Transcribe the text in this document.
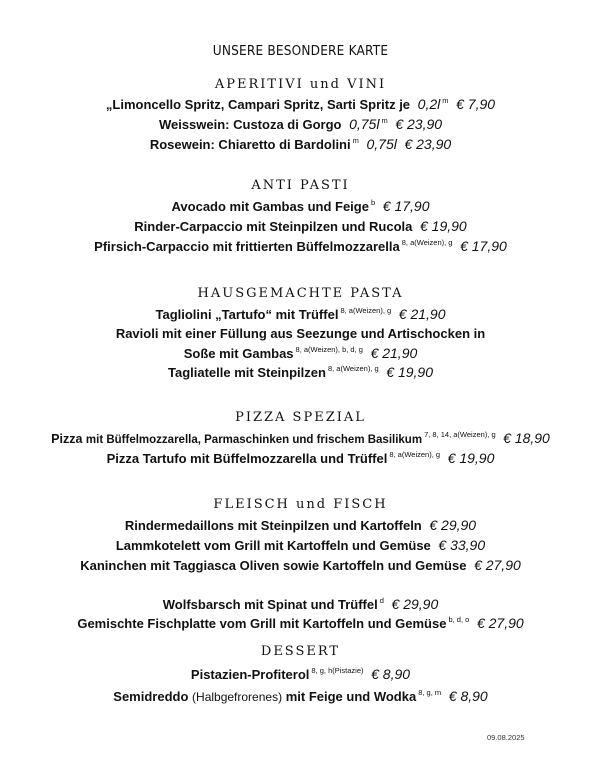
UNSERE BESONDERE KARTE
APERITIVI und VINI
„Limoncello Spritz, Campari Spritz, Sarti Spritz je 0,2l $^m$ € 7,90
Weisswein: Custoza di Gorgo 0,75l $^m$ € 23,90
Rosewein: Chiaretto di Bardolini $^m$ 0,75l € 23,90
ANTI PASTI
Avocado mit Gambas und Feige $^b$ € 17,90
Rinder-Carpaccio mit Steinpilzen und Rucola € 19,90
Pfirsich-Carpaccio mit frittierten Büffelmozzarella $^{8, a(Weizen), g}$ € 17,90
HAUSGEMACHTE PASTA
Tagliolini „Tartufo“ mit Trüffel $^{8, a(Weizen), g}$ € 21,90
Ravioli mit einer Füllung aus Seezunge und Artischocken in
Soße mit Gambas $^{8, a(Weizen), b, d, g}$ € 21,90
Tagliatelle mit Steinpilzen $^{8, a(Weizen), g}$ € 19,90
PIZZA SPEZIAL
Pizza mit Büffelmozzarella, Parmaschinken und frischem Basilikum $^{7, 8, 14, a(Weizen), g}$ € 18,90
Pizza Tartufo mit Büffelmozzarella und Trüffel $^{8, a(Weizen), g}$ € 19,90
FLEISCH und FISCH
Rindermedaillons mit Steinpilzen und Kartoffeln € 29,90
Lammkotelett vom Grill mit Kartoffeln und Gemüse € 33,90
Kaninchen mit Taggiasca Oliven sowie Kartoffeln und Gemüse € 27,90
Wolfsbarsch mit Spinat und Trüffel $^d$ € 29,90
Gemischte Fischplatte vom Grill mit Kartoffeln und Gemüse $^{b, d, o}$ € 27,90
DESSERT
Pistazien-Profiterol $^{8, g, h(Pistazie)}$ € 8,90
Semidreddo (Halbgefrorenes) mit Feige und Wodka $^{8, g, m}$ € 8,90
09.08.2025
